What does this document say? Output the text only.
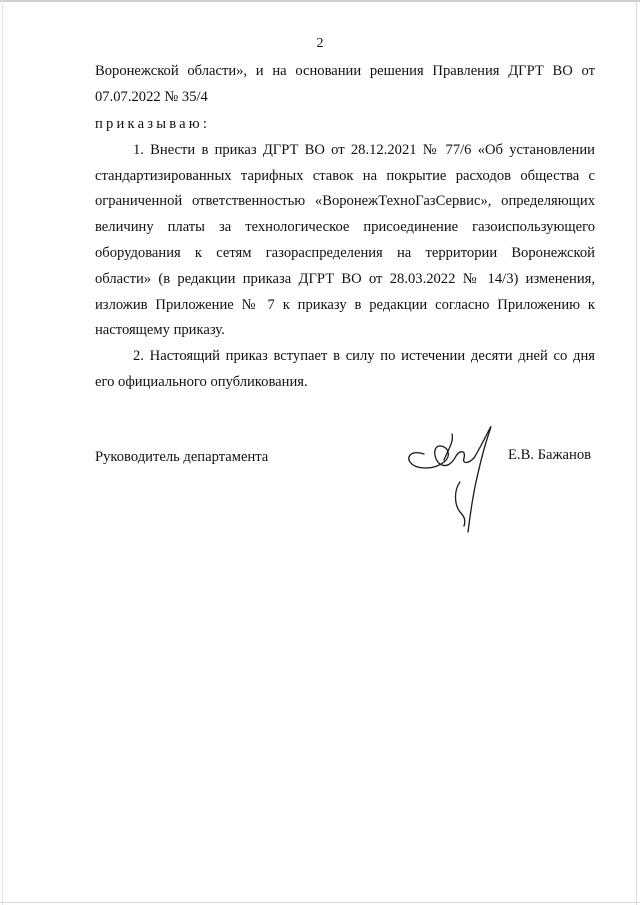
2
Воронежской области», и на основании решения Правления ДГРТ ВО от
07.07.2022 № 35/4
приказываю:
1. Внести в приказ ДГРТ ВО от 28.12.2021 № 77/6 «Об установлении
стандартизированных тарифных ставок на покрытие расходов общества с
ограниченной ответственностью «ВоронежТехноГазСервис», определяющих
величину платы за технологическое присоединение газоиспользующего
оборудования к сетям газораспределения на территории Воронежской
области» (в редакции приказа ДГРТ ВО от 28.03.2022 № 14/3) изменения,
изложив Приложение № 7 к приказу в редакции согласно Приложению к
настоящему приказу.
2. Настоящий приказ вступает в силу по истечении десяти дней со дня
его официального опубликования.
Руководитель департамента	Е.В. Бажанов
